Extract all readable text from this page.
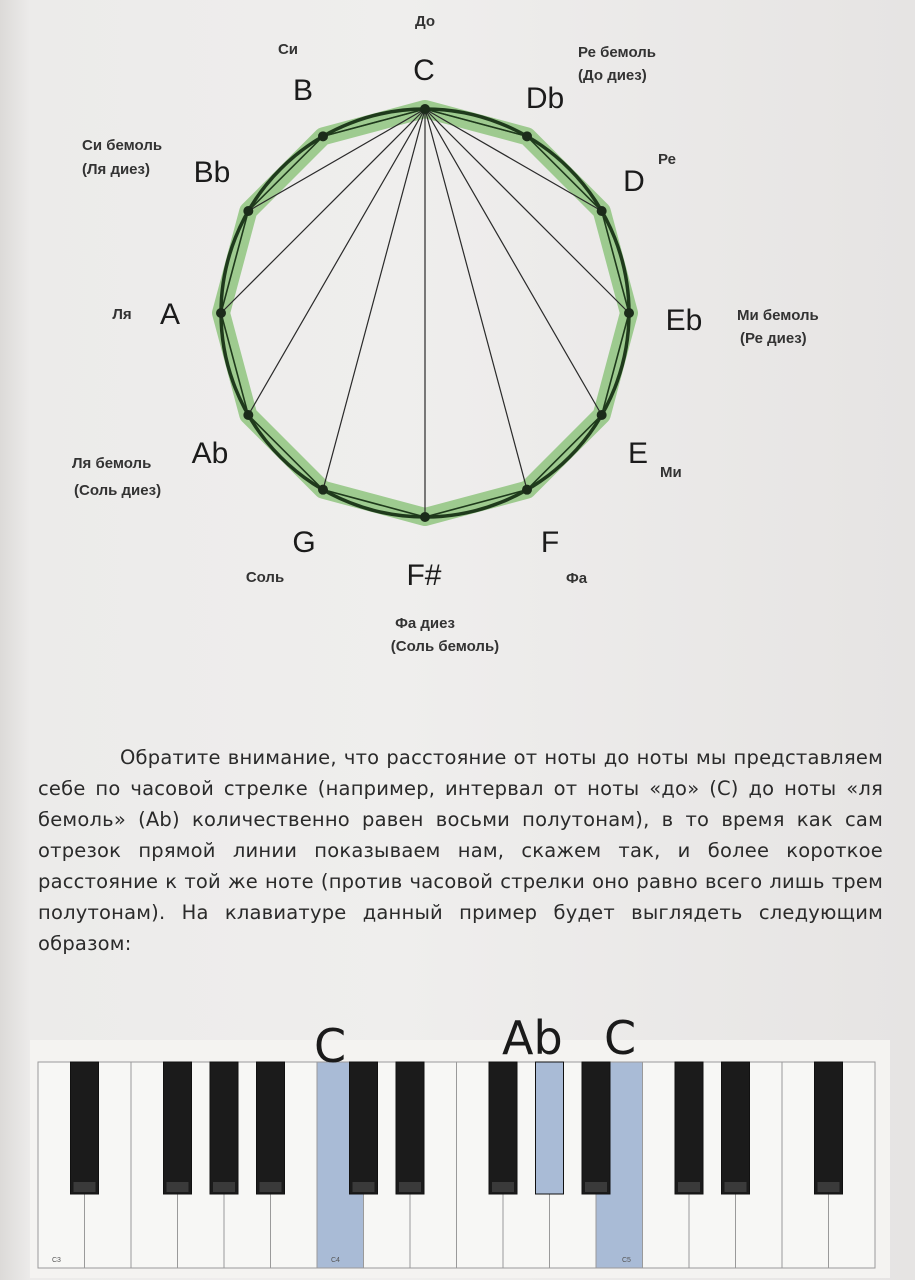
C
До
Db
Ре бемоль
(До диез)
D
Ре
Eb Ми бемоль
(Ре диез)
E
Ми
F
Фа
F#
Фа диез
(Соль бемоль)
G
Соль
Ab
Ля бемоль
(Соль диез)
A
Ля
Bb
Си бемоль
(Ля диез)
B
Си

Обратите внимание, что расстояние от ноты до ноты мы представляем себе по часовой стрелке (например, интервал от ноты «до» (C) до ноты «ля бемоль» (Ab) количественно равен восьми полутонам), в то время как сам отрезок прямой линии показываем нам, скажем так, и более короткое расстояние к той же ноте (против часовой стрелки оно равно всего лишь трем полутонам). На клавиатуре данный пример будет выглядеть следующим образом:

C3	C4	C5
C	Ab C
